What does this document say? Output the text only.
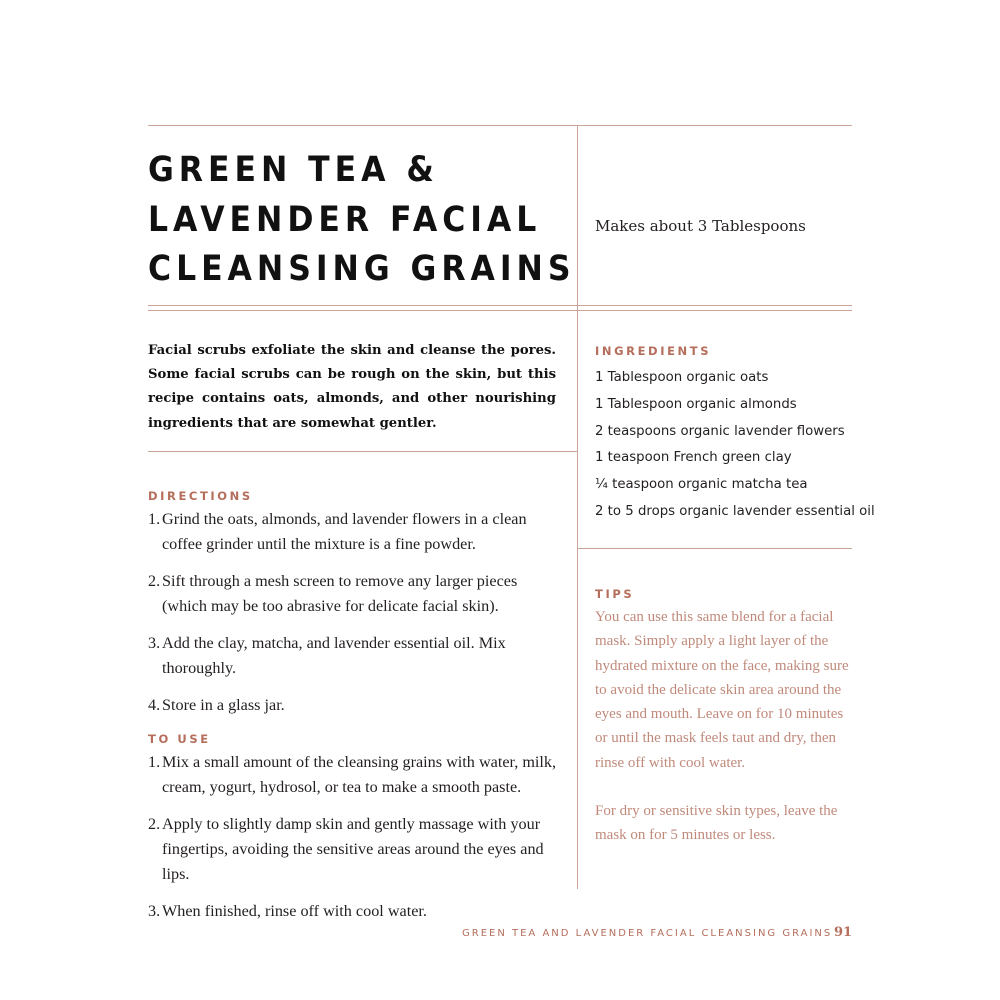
GREEN TEA &
LAVENDER FACIAL
CLEANSING GRAINS
Makes about 3 Tablespoons

Facial scrubs exfoliate the skin and cleanse the pores. Some facial scrubs can be rough on the skin, but this recipe contains oats, almonds, and other nourishing ingredients that are somewhat gentler.

DIRECTIONS
1. Grind the oats, almonds, and lavender flowers in a clean coffee grinder until the mixture is a fine powder.
2. Sift through a mesh screen to remove any larger pieces (which may be too abrasive for delicate facial skin).
3. Add the clay, matcha, and lavender essential oil. Mix thoroughly.
4. Store in a glass jar.
TO USE
1. Mix a small amount of the cleansing grains with water, milk, cream, yogurt, hydrosol, or tea to make a smooth paste.
2. Apply to slightly damp skin and gently massage with your fingertips, avoiding the sensitive areas around the eyes and lips.
3. When finished, rinse off with cool water.
INGREDIENTS
1 Tablespoon organic oats
1 Tablespoon organic almonds
2 teaspoons organic lavender flowers
1 teaspoon French green clay
¼ teaspoon organic matcha tea
2 to 5 drops organic lavender essential oil
TIPS

You can use this same blend for a facial mask. Simply apply a light layer of the hydrated mixture on the face, making sure to avoid the delicate skin area around the eyes and mouth. Leave on for 10 minutes or until the mask feels taut and dry, then rinse off with cool water.

For dry or sensitive skin types, leave the mask on for 5 minutes or less.

GREEN TEA AND LAVENDER FACIAL CLEANSING GRAINS 91
